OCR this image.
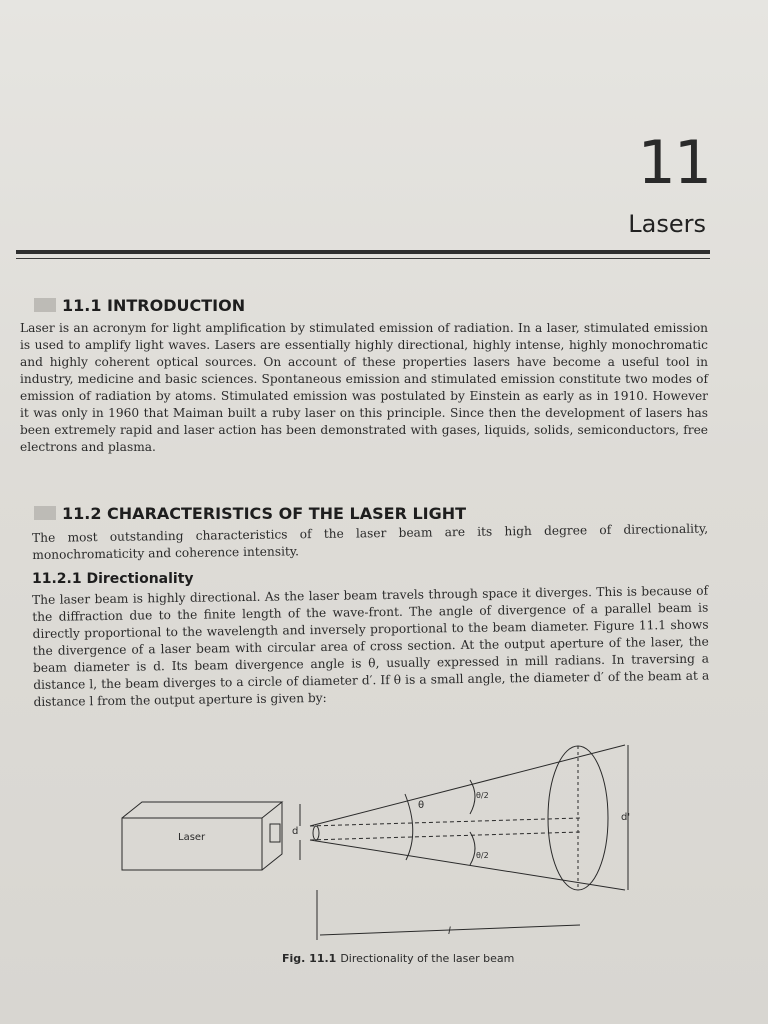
11
Lasers
11.1 INTRODUCTION

Laser is an acronym for light amplification by stimulated emission of radiation. In a laser, stimulated emission is used to amplify light waves. Lasers are essentially highly directional, highly intense, highly monochromatic and highly coherent optical sources. On account of these properties lasers have become a useful tool in industry, medicine and basic sciences. Spontaneous emission and stimulated emission constitute two modes of emission of radiation by atoms. Stimulated emission was postulated by Einstein as early as in 1910. However it was only in 1960 that Maiman built a ruby laser on this principle. Since then the development of lasers has been extremely rapid and laser action has been demonstrated with gases, liquids, solids, semiconductors, free electrons and plasma.

11.2 CHARACTERISTICS OF THE LASER LIGHT

The most outstanding characteristics of the laser beam are its high degree of directionality, monochromaticity and coherence intensity.

11.2.1 Directionality

The laser beam is highly directional. As the laser beam travels through space it diverges. This is because of the diffraction due to the finite length of the wave-front. The angle of divergence of a parallel beam is directly proportional to the wavelength and inversely proportional to the beam diameter. Figure 11.1 shows the divergence of a laser beam with circular area of cross section. At the output aperture of the laser, the beam diameter is d. Its beam divergence angle is θ, usually expressed in mill radians. In traversing a distance l, the beam diverges to a circle of diameter d′. If θ is a small angle, the diameter d′ of the beam at a distance l from the output aperture is given by:

Laser
d
d'
θ
θ/2
θ/2
l
Fig. 11.1 Directionality of the laser beam
